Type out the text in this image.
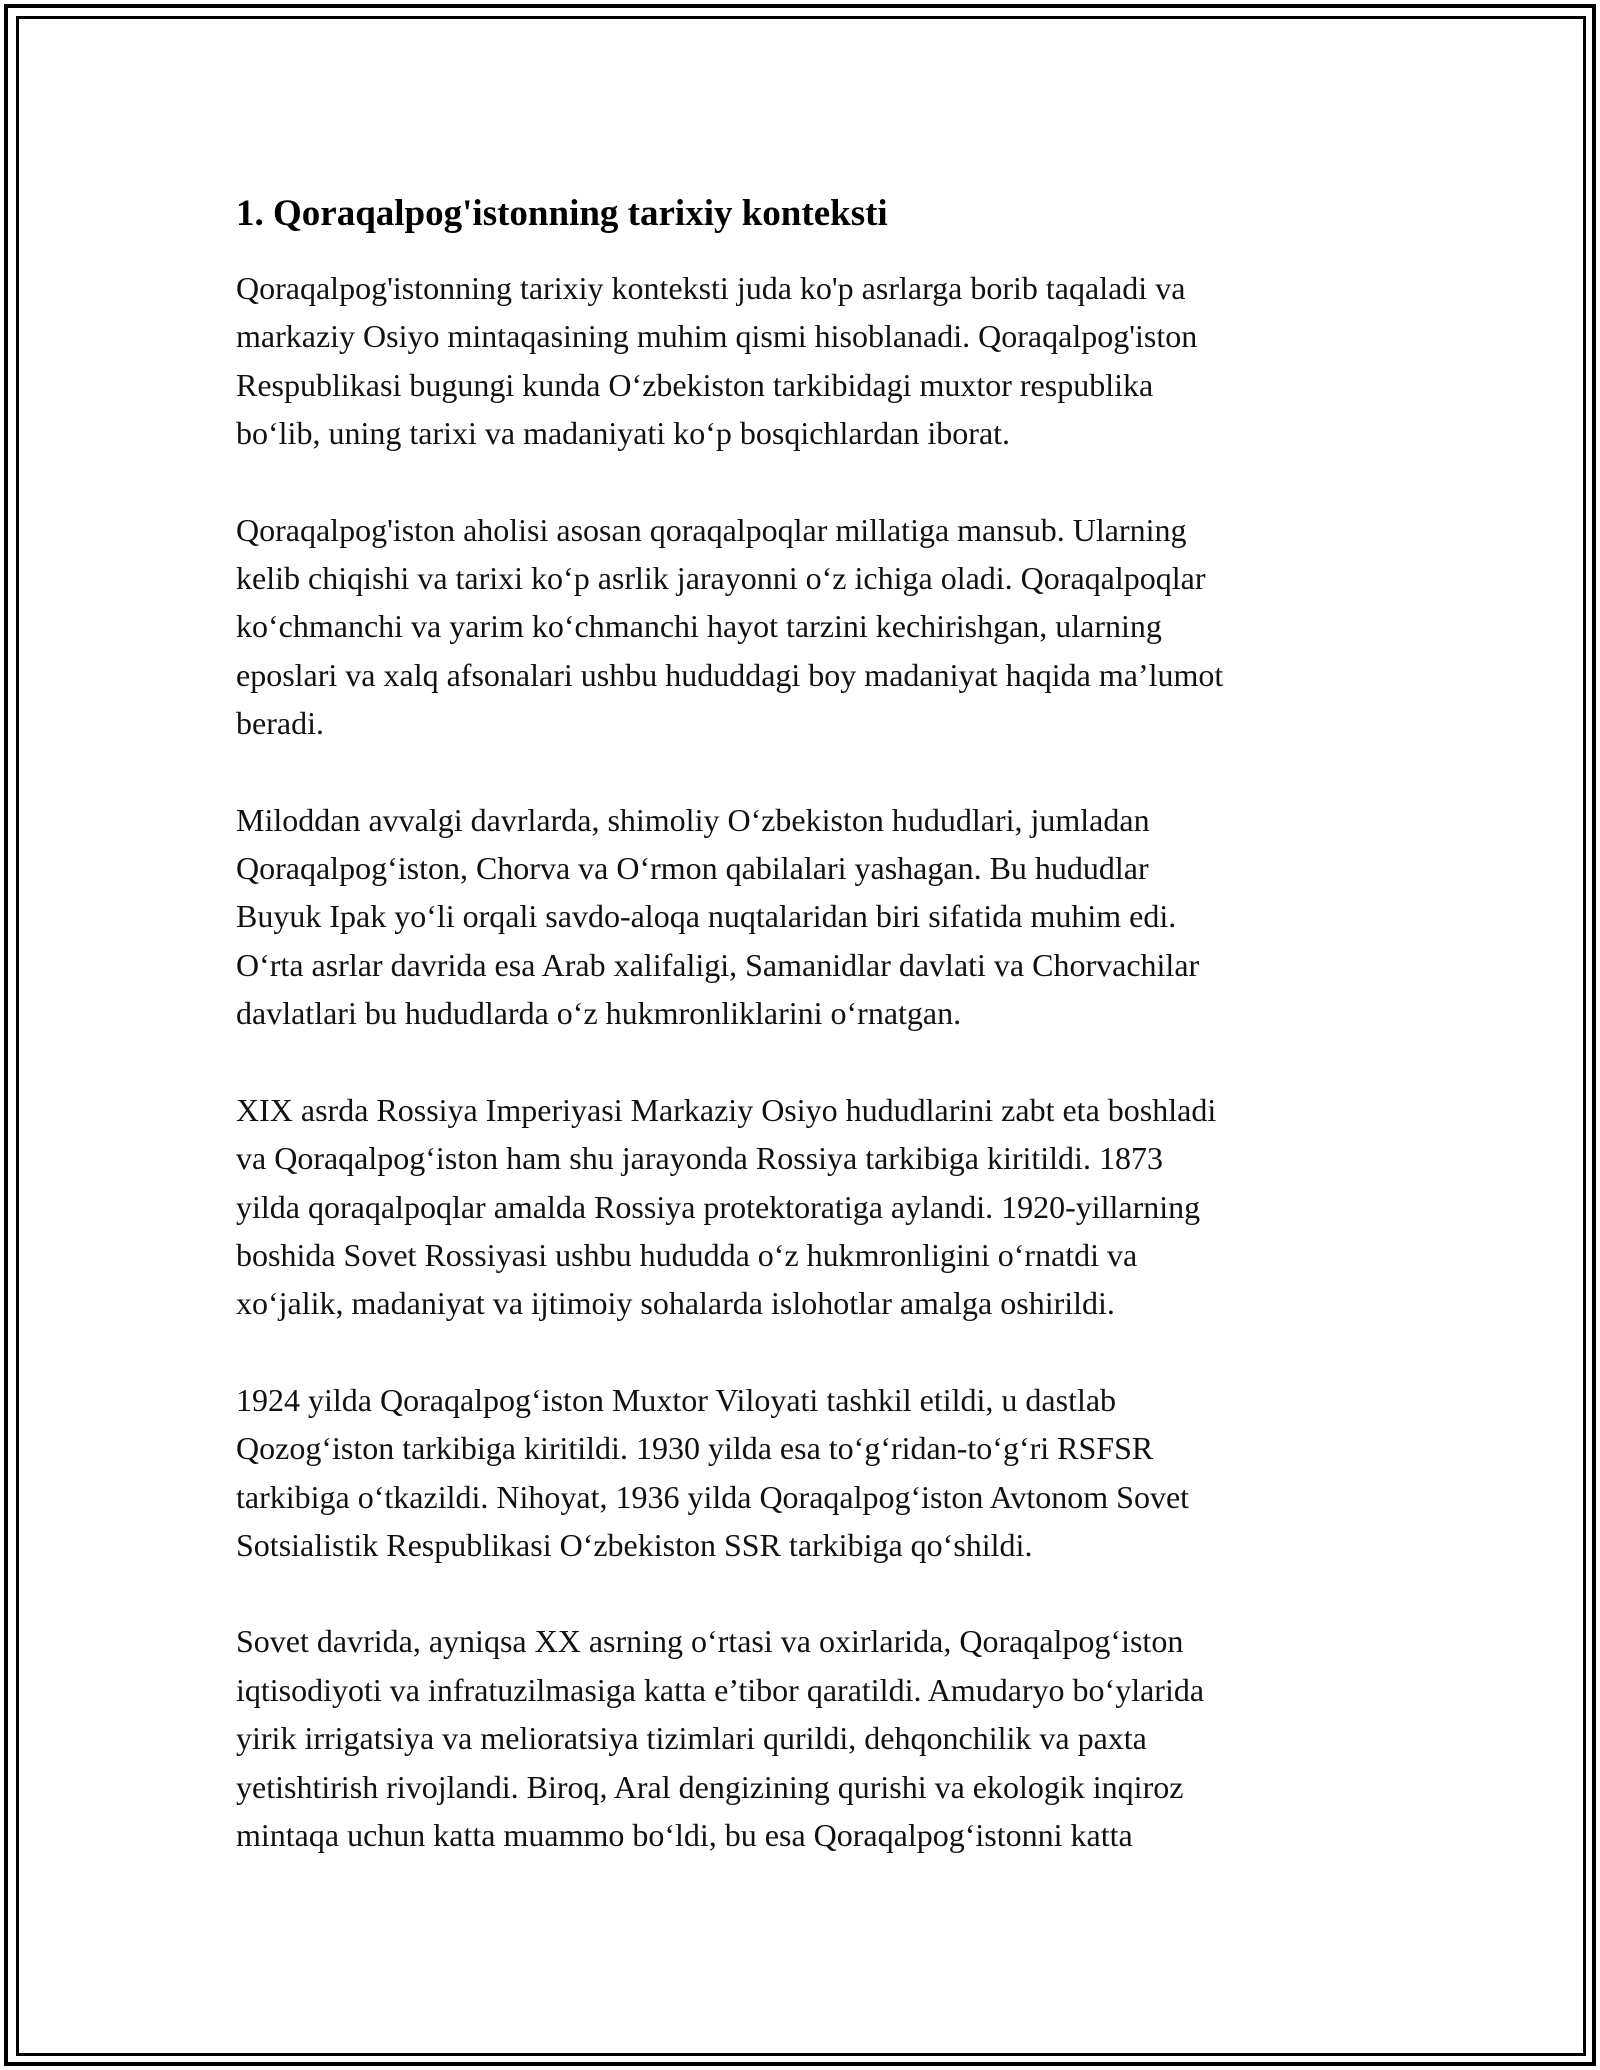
1. Qoraqalpog'istonning tarixiy konteksti

Qoraqalpog'istonning tarixiy konteksti juda ko'p asrlarga borib taqaladi va
markaziy Osiyo mintaqasining muhim qismi hisoblanadi. Qoraqalpog'iston
Respublikasi bugungi kunda O‘zbekiston tarkibidagi muxtor respublika
bo‘lib, uning tarixi va madaniyati ko‘p bosqichlardan iborat.

Qoraqalpog'iston aholisi asosan qoraqalpoqlar millatiga mansub. Ularning
kelib chiqishi va tarixi ko‘p asrlik jarayonni o‘z ichiga oladi. Qoraqalpoqlar
ko‘chmanchi va yarim ko‘chmanchi hayot tarzini kechirishgan, ularning
eposlari va xalq afsonalari ushbu hududdagi boy madaniyat haqida ma’lumot
beradi.

Miloddan avvalgi davrlarda, shimoliy O‘zbekiston hududlari, jumladan
Qoraqalpog‘iston, Chorva va O‘rmon qabilalari yashagan. Bu hududlar
Buyuk Ipak yo‘li orqali savdo-aloqa nuqtalaridan biri sifatida muhim edi.
O‘rta asrlar davrida esa Arab xalifaligi, Samanidlar davlati va Chorvachilar
davlatlari bu hududlarda o‘z hukmronliklarini o‘rnatgan.

XIX asrda Rossiya Imperiyasi Markaziy Osiyo hududlarini zabt eta boshladi
va Qoraqalpog‘iston ham shu jarayonda Rossiya tarkibiga kiritildi. 1873
yilda qoraqalpoqlar amalda Rossiya protektoratiga aylandi. 1920-yillarning
boshida Sovet Rossiyasi ushbu hududda o‘z hukmronligini o‘rnatdi va
xo‘jalik, madaniyat va ijtimoiy sohalarda islohotlar amalga oshirildi.

1924 yilda Qoraqalpog‘iston Muxtor Viloyati tashkil etildi, u dastlab
Qozog‘iston tarkibiga kiritildi. 1930 yilda esa to‘g‘ridan-to‘g‘ri RSFSR
tarkibiga o‘tkazildi. Nihoyat, 1936 yilda Qoraqalpog‘iston Avtonom Sovet
Sotsialistik Respublikasi O‘zbekiston SSR tarkibiga qo‘shildi.

Sovet davrida, ayniqsa XX asrning o‘rtasi va oxirlarida, Qoraqalpog‘iston
iqtisodiyoti va infratuzilmasiga katta e’tibor qaratildi. Amudaryo bo‘ylarida
yirik irrigatsiya va melioratsiya tizimlari qurildi, dehqonchilik va paxta
yetishtirish rivojlandi. Biroq, Aral dengizining qurishi va ekologik inqiroz
mintaqa uchun katta muammo bo‘ldi, bu esa Qoraqalpog‘istonni katta
